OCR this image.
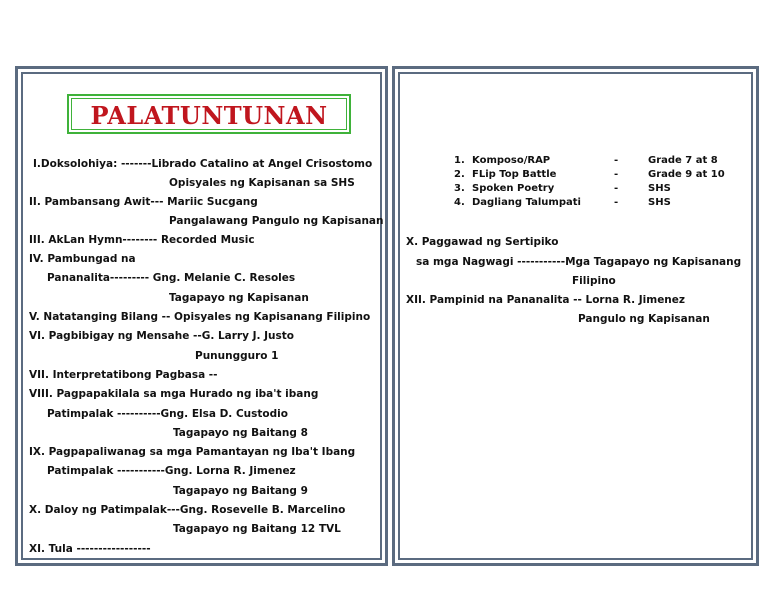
PALATUNTUNAN
I.Doksolohiya: -------Librado Catalino at Angel Crisostomo
Opisyales ng Kapisanan sa SHS
II. Pambansang Awit--- Mariic Sucgang
Pangalawang Pangulo ng Kapisanan
III. AkLan Hymn-------- Recorded Music
IV. Pambungad na
Pananalita--------- Gng. Melanie C. Resoles
Tagapayo ng Kapisanan
V. Natatanging Bilang -- Opisyales ng Kapisanang Filipino
VI. Pagbibigay ng Mensahe --G. Larry J. Justo
Punungguro 1
VII. Interpretatibong Pagbasa --
VIII. Pagpapakilala sa mga Hurado ng iba't ibang
Patimpalak ----------Gng. Elsa D. Custodio
Tagapayo ng Baitang 8
IX. Pagpapaliwanag sa mga Pamantayan ng Iba't Ibang
Patimpalak -----------Gng. Lorna R. Jimenez
Tagapayo ng Baitang 9
X. Daloy ng Patimpalak---Gng. Rosevelle B. Marcelino
Tagapayo ng Baitang 12 TVL
XI. Tula -----------------
1. Komposo/RAP	-	Grade 7 at 8
2. FLip Top Battle	-	Grade 9 at 10
3. Spoken Poetry	-	SHS
4. Dagliang Talumpati	-	SHS
X. Paggawad ng Sertipiko
sa mga Nagwagi -----------Mga Tagapayo ng Kapisanang
Filipino
XII. Pampinid na Pananalita -- Lorna R. Jimenez
Pangulo ng Kapisanan
